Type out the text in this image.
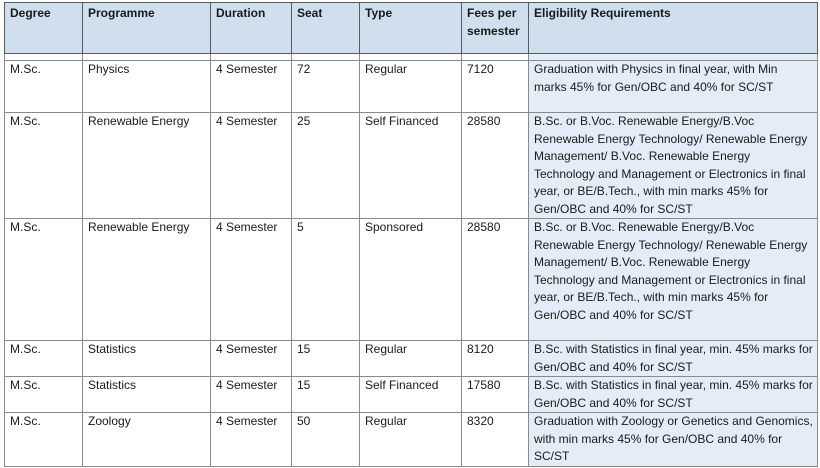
Degree	Programme	Duration	Seat	Type	Fees per semester	Eligibility Requirements

M.Sc.	Physics	4 Semester	72	Regular	7120	Graduation with Physics in final year, with Min marks 45% for Gen/OBC and 40% for SC/ST
M.Sc.	Renewable Energy	4 Semester	25	Self Financed	28580	B.Sc. or B.Voc. Renewable Energy/B.Voc Renewable Energy Technology/ Renewable Energy Management/ B.Voc. Renewable Energy Technology and Management or Electronics in final year, or BE/B.Tech., with min marks 45% for Gen/OBC and 40% for SC/ST
M.Sc.	Renewable Energy	4 Semester	5	Sponsored	28580	B.Sc. or B.Voc. Renewable Energy/B.Voc Renewable Energy Technology/ Renewable Energy Management/ B.Voc. Renewable Energy Technology and Management or Electronics in final year, or BE/B.Tech., with min marks 45% for Gen/OBC and 40% for SC/ST
M.Sc.	Statistics	4 Semester	15	Regular	8120	B.Sc. with Statistics in final year, min. 45% marks for Gen/OBC and 40% for SC/ST
M.Sc.	Statistics	4 Semester	15	Self Financed	17580	B.Sc. with Statistics in final year, min. 45% marks for Gen/OBC and 40% for SC/ST
M.Sc.	Zoology	4 Semester	50	Regular	8320	Graduation with Zoology or Genetics and Genomics, with min marks 45% for Gen/OBC and 40% for SC/ST
